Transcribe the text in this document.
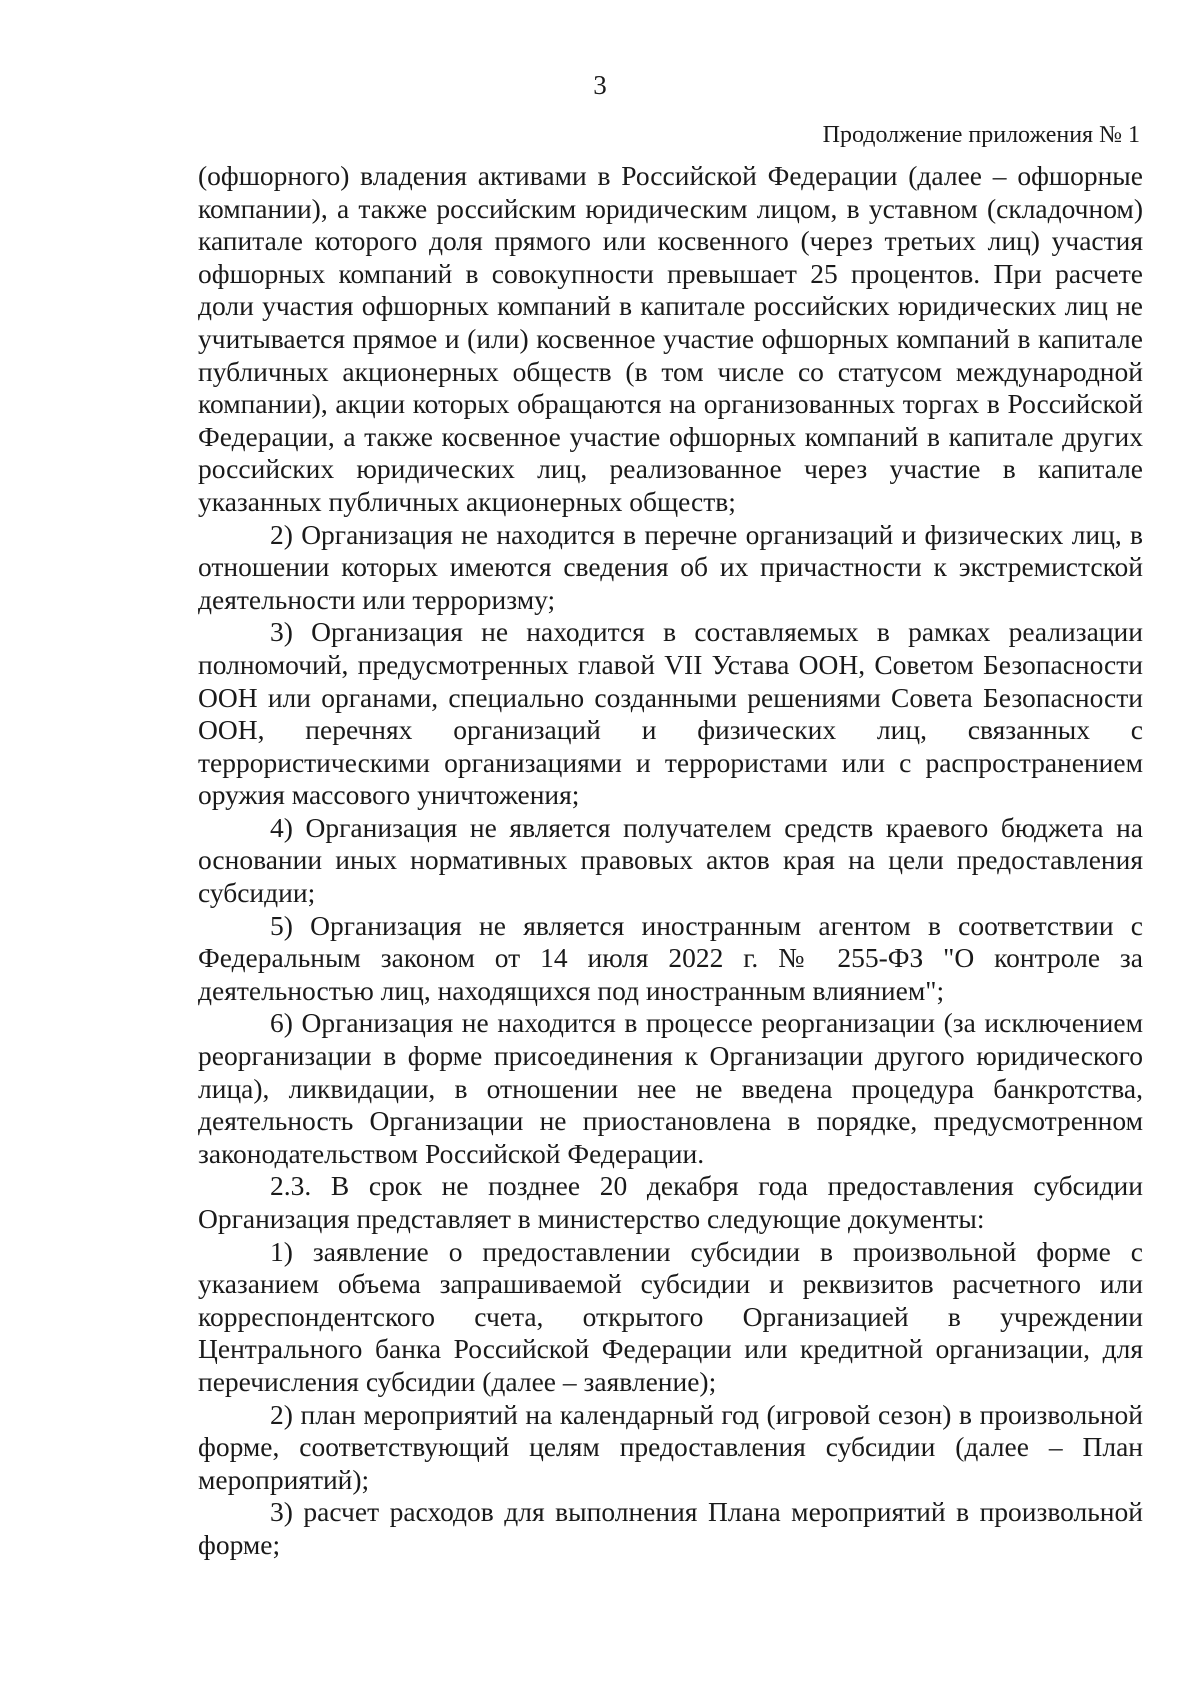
3
Продолжение приложения № 1

(офшорного) владения активами в Российской Федерации (далее – офшорные компании), а также российским юридическим лицом, в уставном (складочном) капитале которого доля прямого или косвенного (через третьих лиц) участия офшорных компаний в совокупности превышает 25 процентов. При расчете доли участия офшорных компаний в капитале российских юридических лиц не учитывается прямое и (или) косвенное участие офшорных компаний в капитале публичных акционерных обществ (в том числе со статусом международной компании), акции которых обращаются на организованных торгах в Российской Федерации, а также косвенное участие офшорных компаний в капитале других российских юридических лиц, реализованное через участие в капитале указанных публичных акционерных обществ;

2) Организация не находится в перечне организаций и физических лиц, в отношении которых имеются сведения об их причастности к экстремистской деятельности или терроризму;

3) Организация не находится в составляемых в рамках реализации полномочий, предусмотренных главой VII Устава ООН, Советом Безопасности ООН или органами, специально созданными решениями Совета Безопасности ООН, перечнях организаций и физических лиц, связанных с террористическими организациями и террористами или с распространением оружия массового уничтожения;

4) Организация не является получателем средств краевого бюджета на основании иных нормативных правовых актов края на цели предоставления субсидии;

5) Организация не является иностранным агентом в соответствии с Федеральным законом от 14 июля 2022 г. № 255-ФЗ "О контроле за деятельностью лиц, находящихся под иностранным влиянием";

6) Организация не находится в процессе реорганизации (за исключением реорганизации в форме присоединения к Организации другого юридического лица), ликвидации, в отношении нее не введена процедура банкротства, деятельность Организации не приостановлена в порядке, предусмотренном законодательством Российской Федерации.

2.3. В срок не позднее 20 декабря года предоставления субсидии Организация представляет в министерство следующие документы:

1) заявление о предоставлении субсидии в произвольной форме с указанием объема запрашиваемой субсидии и реквизитов расчетного или корреспондентского счета, открытого Организацией в учреждении Центрального банка Российской Федерации или кредитной организации, для перечисления субсидии (далее – заявление);

2) план мероприятий на календарный год (игровой сезон) в произвольной форме, соответствующий целям предоставления субсидии (далее – План мероприятий);

3) расчет расходов для выполнения Плана мероприятий в произвольной форме;
